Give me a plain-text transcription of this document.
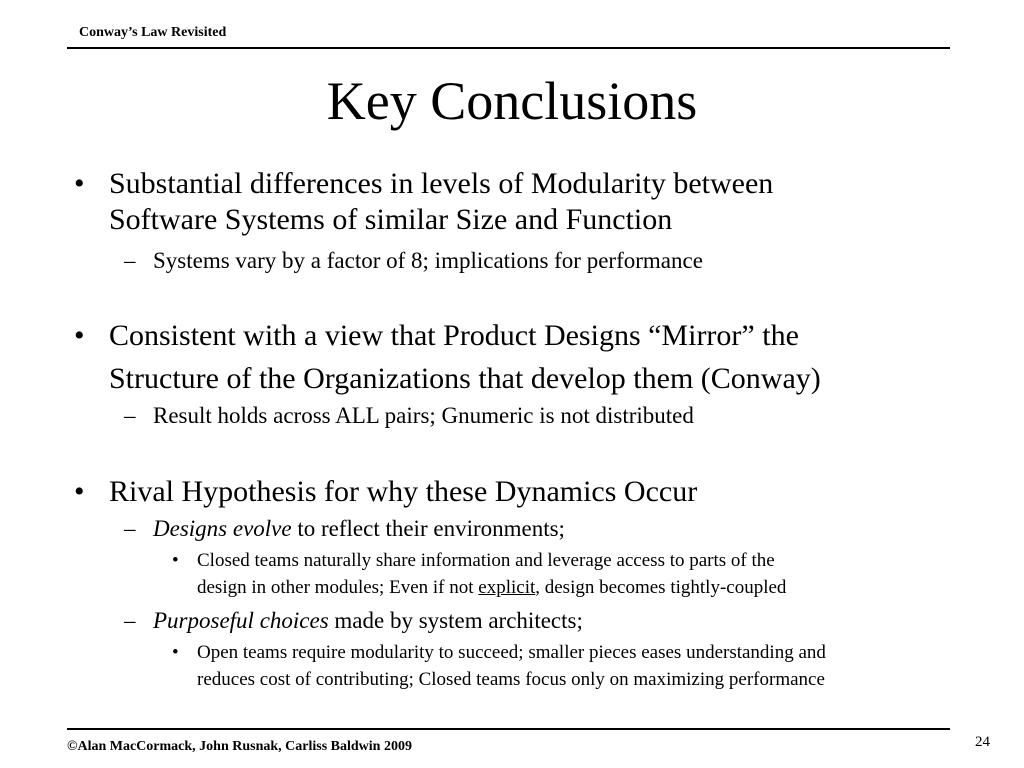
Conway’s Law Revisited
Key Conclusions
• Substantial differences in levels of Modularity between
Software Systems of similar Size and Function
– Systems vary by a factor of 8; implications for performance
• Consistent with a view that Product Designs “Mirror” the
Structure of the Organizations that develop them (Conway)
– Result holds across ALL pairs; Gnumeric is not distributed
• Rival Hypothesis for why these Dynamics Occur
– Designs evolve to reflect their environments;
• Closed teams naturally share information and leverage access to parts of the
design in other modules; Even if not explicit, design becomes tightly-coupled
– Purposeful choices made by system architects;
• Open teams require modularity to succeed; smaller pieces eases understanding and
reduces cost of contributing; Closed teams focus only on maximizing performance
©Alan MacCormack, John Rusnak, Carliss Baldwin 2009	24
